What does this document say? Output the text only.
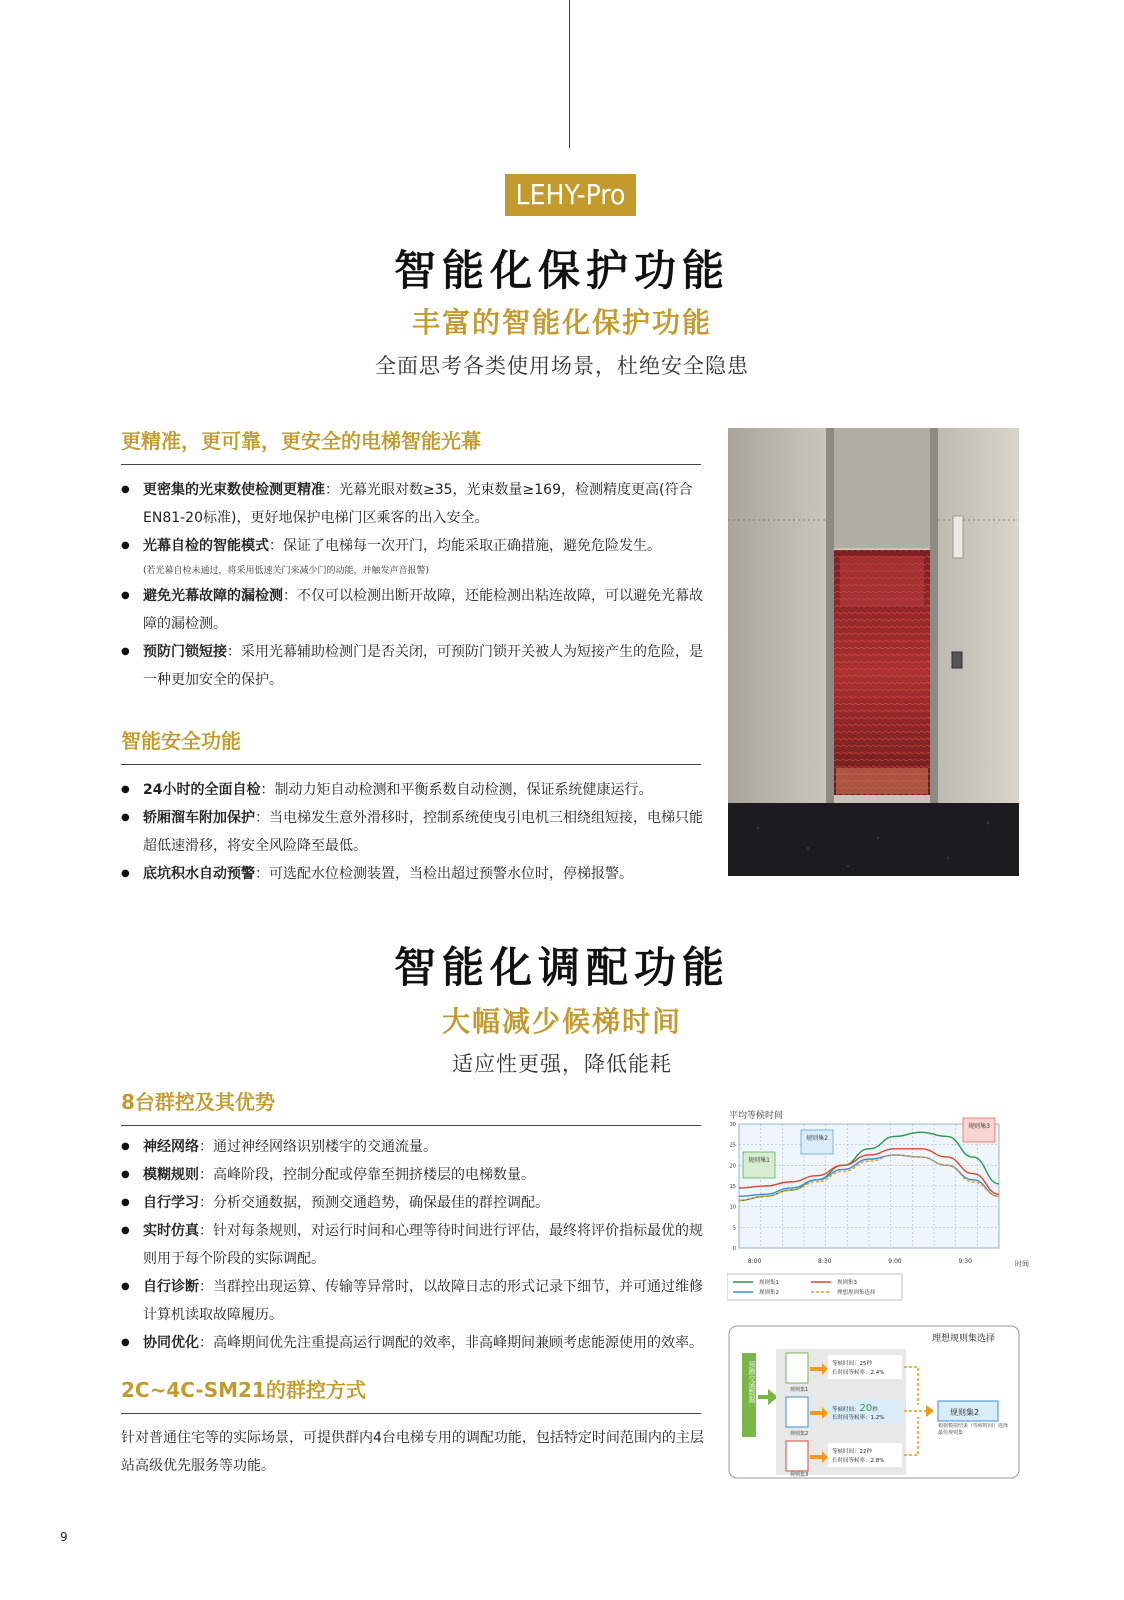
LEHY-Pro
智能化保护功能
丰富的智能化保护功能
全面思考各类使用场景，杜绝安全隐患
更精准，更可靠，更安全的电梯智能光幕
● 更密集的光束数使检测更精准：光幕光眼对数≥35，光束数量≥169，检测精度更高(符合EN81-20标准)，更好地保护电梯门区乘客的出入安全。
● 光幕自检的智能模式：保证了电梯每一次开门，均能采取正确措施，避免危险发生。
(若光幕自检未通过，将采用低速关门来减少门的动能，并触发声音报警)
● 避免光幕故障的漏检测：不仅可以检测出断开故障，还能检测出粘连故障，可以避免光幕故障的漏检测。
● 预防门锁短接：采用光幕辅助检测门是否关闭，可预防门锁开关被人为短接产生的危险，是一种更加安全的保护。
智能安全功能
● 24小时的全面自检：制动力矩自动检测和平衡系数自动检测，保证系统健康运行。
● 轿厢溜车附加保护：当电梯发生意外滑移时，控制系统使曳引电机三相绕组短接，电梯只能超低速滑移，将安全风险降至最低。
● 底坑积水自动预警：可选配水位检测装置，当检出超过预警水位时，停梯报警。
智能化调配功能
大幅减少候梯时间
适应性更强，降低能耗
8台群控及其优势
● 神经网络：通过神经网络识别楼宇的交通流量。
● 模糊规则：高峰阶段，控制分配或停靠至拥挤楼层的电梯数量。
● 自行学习：分析交通数据，预测交通趋势，确保最佳的群控调配。
● 实时仿真：针对每条规则，对运行时间和心理等待时间进行评估，最终将评价指标最优的规则用于每个阶段的实际调配。
● 自行诊断：当群控出现运算、传输等异常时，以故障日志的形式记录下细节，并可通过维修计算机读取故障履历。
● 协同优化：高峰期间优先注重提高运行调配的效率，非高峰期间兼顾考虑能源使用的效率。
2C~4C-SM21的群控方式
针对普通住宅等的实际场景，可提供群内4台电梯专用的调配功能，包括特定时间范围内的主层站高级优先服务等功能。
平均等候时间
0
5
10
15
20
25
30
8:00	8:30	9:00	9:30
规则集1
规则集2
规则集3
时间
规则集1
规则集2
规则集3
理想规则集选择
理想规则集选择
预测交通数据	规则集1
规则集2
规则集3
等候时间：25秒
长时间等候率：2.4%
等候时间：20秒
长时间等候率：1.2%
等候时间：22秒
长时间等候率：2.8%
规则集2
根据模拟结果（等候时间）选择最佳规则集
9
